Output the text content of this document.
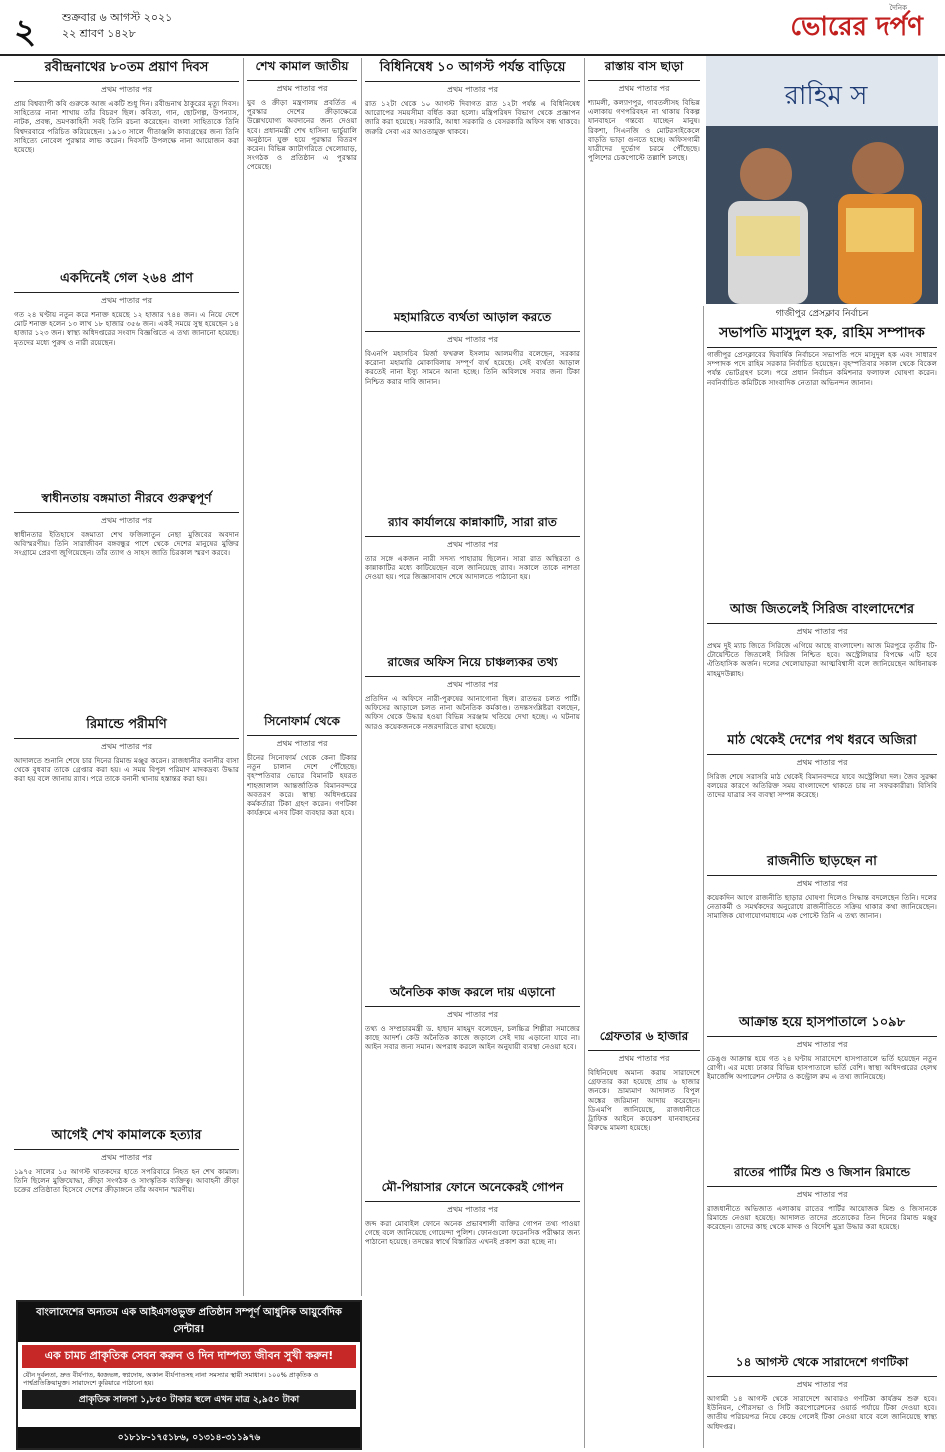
২ শুক্রবার ৬ আগস্ট ২০২১
২২ শ্রাবণ ১৪২৮
দৈনিক
ভোরের দর্পণ
রবীন্দ্রনাথের ৮০তম প্রয়াণ দিবস
প্রথম পাতার পর
প্রায় বিশ্বব্যাপী কবি গুরুকে আজ একটি শুধু দিন। রবীন্দ্রনাথ ঠাকুরের মৃত্যু দিবস। সাহিত্যের নানা শাখায় তাঁর বিচরণ ছিল। কবিতা, গান, ছোটগল্প, উপন্যাস, নাটক, প্রবন্ধ, ভ্রমণকাহিনী সবই তিনি রচনা করেছেন। বাংলা সাহিত্যকে তিনি বিশ্বদরবারে পরিচিত করিয়েছেন। ১৯১৩ সালে গীতাঞ্জলি কাব্যগ্রন্থের জন্য তিনি সাহিত্যে নোবেল পুরস্কার লাভ করেন। দিবসটি উপলক্ষে নানা আয়োজন করা হয়েছে।
একদিনেই গেল ২৬৪ প্রাণ
প্রথম পাতার পর
গত ২৪ ঘণ্টায় নতুন করে শনাক্ত হয়েছে ১২ হাজার ৭৪৪ জন। এ নিয়ে দেশে মোট শনাক্ত হলেন ১৩ লাখ ১৮ হাজার ৩৫৬ জন। একই সময়ে সুস্থ হয়েছেন ১৪ হাজার ১২৩ জন। স্বাস্থ্য অধিদপ্তরের সংবাদ বিজ্ঞপ্তিতে এ তথ্য জানানো হয়েছে। মৃতদের মধ্যে পুরুষ ও নারী রয়েছেন।
স্বাধীনতায় বঙ্গমাতা নীরবে গুরুত্বপূর্ণ
প্রথম পাতার পর
স্বাধীনতার ইতিহাসে বঙ্গমাতা শেখ ফজিলাতুন নেছা মুজিবের অবদান অবিস্মরণীয়। তিনি সারাজীবন বঙ্গবন্ধুর পাশে থেকে দেশের মানুষের মুক্তির সংগ্রামে প্রেরণা জুগিয়েছেন। তাঁর ত্যাগ ও সাহস জাতি চিরকাল স্মরণ করবে।
রিমান্ডে পরীমণি
প্রথম পাতার পর
আদালতে শুনানি শেষে চার দিনের রিমান্ড মঞ্জুর করেন। রাজধানীর বনানীর বাসা থেকে বুধবার তাকে গ্রেপ্তার করা হয়। এ সময় বিপুল পরিমাণ মাদকদ্রব্য উদ্ধার করা হয় বলে জানায় র‍্যাব। পরে তাকে বনানী থানায় হস্তান্তর করা হয়।
আগেই শেখ কামালকে হত্যার
প্রথম পাতার পর
১৯৭৫ সালের ১৫ আগস্ট ঘাতকদের হাতে সপরিবারে নিহত হন শেখ কামাল। তিনি ছিলেন মুক্তিযোদ্ধা, ক্রীড়া সংগঠক ও সাংস্কৃতিক ব্যক্তিত্ব। আবাহনী ক্রীড়া চক্রের প্রতিষ্ঠাতা হিসেবে দেশের ক্রীড়াঙ্গনে তাঁর অবদান স্মরণীয়।
শেখ কামাল জাতীয়
প্রথম পাতার পর
যুব ও ক্রীড়া মন্ত্রণালয় প্রবর্তিত এ পুরস্কার দেশের ক্রীড়াক্ষেত্রে উল্লেখযোগ্য অবদানের জন্য দেওয়া হবে। প্রধানমন্ত্রী শেখ হাসিনা ভার্চুয়ালি অনুষ্ঠানে যুক্ত হয়ে পুরস্কার বিতরণ করেন। বিভিন্ন ক্যাটাগরিতে খেলোয়াড়, সংগঠক ও প্রতিষ্ঠান এ পুরস্কার পেয়েছে।
সিনোফার্ম থেকে
প্রথম পাতার পর
চীনের সিনোফার্ম থেকে কেনা টিকার নতুন চালান দেশে পৌঁছেছে। বৃহস্পতিবার ভোরে বিমানটি হযরত শাহজালাল আন্তর্জাতিক বিমানবন্দরে অবতরণ করে। স্বাস্থ্য অধিদপ্তরের কর্মকর্তারা টিকা গ্রহণ করেন। গণটিকা কার্যক্রমে এসব টিকা ব্যবহার করা হবে।
বিধিনিষেধ ১০ আগস্ট পর্যন্ত বাড়িয়ে
প্রথম পাতার পর
রাত ১২টা থেকে ১০ আগস্ট দিবাগত রাত ১২টা পর্যন্ত এ বিধিনিষেধ আরোপের সময়সীমা বর্ধিত করা হলো। মন্ত্রিপরিষদ বিভাগ থেকে প্রজ্ঞাপন জারি করা হয়েছে। সরকারি, আধা সরকারি ও বেসরকারি অফিস বন্ধ থাকবে। জরুরি সেবা এর আওতামুক্ত থাকবে।
মহামারিতে ব্যর্থতা আড়াল করতে
প্রথম পাতার পর
বিএনপি মহাসচিব মির্জা ফখরুল ইসলাম আলমগীর বলেছেন, সরকার করোনা মহামারি মোকাবিলায় সম্পূর্ণ ব্যর্থ হয়েছে। সেই ব্যর্থতা আড়াল করতেই নানা ইস্যু সামনে আনা হচ্ছে। তিনি অবিলম্বে সবার জন্য টিকা নিশ্চিত করার দাবি জানান।
র‌্যাব কার্যালয়ে কান্নাকাটি, সারা রাত
প্রথম পাতার পর
তার সঙ্গে একজন নারী সদস্য পাহারায় ছিলেন। সারা রাত অস্থিরতা ও কান্নাকাটির মধ্যে কাটিয়েছেন বলে জানিয়েছে র‍্যাব। সকালে তাকে নাশতা দেওয়া হয়। পরে জিজ্ঞাসাবাদ শেষে আদালতে পাঠানো হয়।
রাজের অফিস নিয়ে চাঞ্চল্যকর তথ্য
প্রথম পাতার পর
প্রতিদিন এ অফিসে নারী-পুরুষের আনাগোনা ছিল। রাতভর চলত পার্টি। অফিসের আড়ালে চলত নানা অনৈতিক কর্মকাণ্ড। তদন্তসংশ্লিষ্টরা বলছেন, অফিস থেকে উদ্ধার হওয়া বিভিন্ন সরঞ্জাম খতিয়ে দেখা হচ্ছে। এ ঘটনায় আরও কয়েকজনকে নজরদারিতে রাখা হয়েছে।
অনৈতিক কাজ করলে দায় এড়ানো
প্রথম পাতার পর
তথ্য ও সম্প্রচারমন্ত্রী ড. হাছান মাহমুদ বলেছেন, চলচ্চিত্র শিল্পীরা সমাজের কাছে আদর্শ। কেউ অনৈতিক কাজে জড়ালে সেই দায় এড়ানো যাবে না। আইন সবার জন্য সমান। অপরাধ করলে আইন অনুযায়ী ব্যবস্থা নেওয়া হবে।
মৌ-পিয়াসার ফোনে অনেকেরই গোপন
প্রথম পাতার পর
জব্দ করা মোবাইল ফোনে অনেক প্রভাবশালী ব্যক্তির গোপন তথ্য পাওয়া গেছে বলে জানিয়েছে গোয়েন্দা পুলিশ। ফোনগুলো ফরেনসিক পরীক্ষার জন্য পাঠানো হয়েছে। তদন্তের স্বার্থে বিস্তারিত এখনই প্রকাশ করা হচ্ছে না।
রাস্তায় বাস ছাড়া
প্রথম পাতার পর
শ্যামলী, কল্যাণপুর, গাবতলীসহ বিভিন্ন এলাকায় গণপরিবহন না থাকায় বিকল্প যানবাহনে গন্তব্যে যাচ্ছেন মানুষ। রিকশা, সিএনজি ও মোটরসাইকেলে বাড়তি ভাড়া গুনতে হচ্ছে। অফিসগামী যাত্রীদের দুর্ভোগ চরমে পৌঁছেছে। পুলিশের চেকপোস্টে তল্লাশি চলছে।
গ্রেফতার ৬ হাজার
প্রথম পাতার পর
বিধিনিষেধ অমান্য করায় সারাদেশে গ্রেফতার করা হয়েছে প্রায় ৬ হাজার জনকে। ভ্রাম্যমাণ আদালত বিপুল অঙ্কের জরিমানা আদায় করেছেন। ডিএমপি জানিয়েছে, রাজধানীতে ট্রাফিক আইনে কয়েকশ যানবাহনের বিরুদ্ধে মামলা হয়েছে।
রাহিম স
গাজীপুর প্রেসক্লাব নির্বাচন
সভাপতি মাসুদুল হক, রাহিম সম্পাদক
গাজীপুর প্রেসক্লাবের দ্বিবার্ষিক নির্বাচনে সভাপতি পদে মাসুদুল হক এবং সাধারণ সম্পাদক পদে রাহিম সরকার নির্বাচিত হয়েছেন। বৃহস্পতিবার সকাল থেকে বিকেল পর্যন্ত ভোটগ্রহণ চলে। পরে প্রধান নির্বাচন কমিশনার ফলাফল ঘোষণা করেন। নবনির্বাচিত কমিটিকে সাংবাদিক নেতারা অভিনন্দন জানান।
আজ জিতলেই সিরিজ বাংলাদেশের
প্রথম পাতার পর
প্রথম দুই ম্যাচ জিতে সিরিজে এগিয়ে আছে বাংলাদেশ। আজ মিরপুরে তৃতীয় টি-টোয়েন্টিতে জিতলেই সিরিজ নিশ্চিত হবে। অস্ট্রেলিয়ার বিপক্ষে এটি হবে ঐতিহাসিক অর্জন। দলের খেলোয়াড়রা আত্মবিশ্বাসী বলে জানিয়েছেন অধিনায়ক মাহমুদউল্লাহ।
মাঠ থেকেই দেশের পথ ধরবে অজিরা
প্রথম পাতার পর
সিরিজ শেষে সরাসরি মাঠ থেকেই বিমানবন্দরে যাবে অস্ট্রেলিয়া দল। জৈব সুরক্ষা বলয়ের কারণে অতিরিক্ত সময় বাংলাদেশে থাকতে চায় না সফরকারীরা। বিসিবি তাদের যাত্রার সব ব্যবস্থা সম্পন্ন করেছে।
রাজনীতি ছাড়ছেন না
প্রথম পাতার পর
কয়েকদিন আগে রাজনীতি ছাড়ার ঘোষণা দিলেও সিদ্ধান্ত বদলেছেন তিনি। দলের নেতাকর্মী ও সমর্থকদের অনুরোধে রাজনীতিতে সক্রিয় থাকার কথা জানিয়েছেন। সামাজিক যোগাযোগমাধ্যমে এক পোস্টে তিনি এ তথ্য জানান।
আক্রান্ত হয়ে হাসপাতালে ১০৯৮
প্রথম পাতার পর
ডেঙ্গু আক্রান্ত হয়ে গত ২৪ ঘণ্টায় সারাদেশে হাসপাতালে ভর্তি হয়েছেন নতুন রোগী। এর মধ্যে ঢাকার বিভিন্ন হাসপাতালে ভর্তি বেশি। স্বাস্থ্য অধিদপ্তরের হেলথ ইমার্জেন্সি অপারেশন সেন্টার ও কন্ট্রোল রুম এ তথ্য জানিয়েছে।
রাতের পার্টির মিশু ও জিসান রিমান্ডে
প্রথম পাতার পর
রাজধানীতে অভিজাত এলাকায় রাতের পার্টির আয়োজক মিশু ও জিসানকে রিমান্ডে নেওয়া হয়েছে। আদালত তাদের প্রত্যেকের তিন দিনের রিমান্ড মঞ্জুর করেছেন। তাদের কাছ থেকে মাদক ও বিদেশি মুদ্রা উদ্ধার করা হয়েছে।
১৪ আগস্ট থেকে সারাদেশে গণটিকা
প্রথম পাতার পর
আগামী ১৪ আগস্ট থেকে সারাদেশে আবারও গণটিকা কার্যক্রম শুরু হবে। ইউনিয়ন, পৌরসভা ও সিটি করপোরেশনের ওয়ার্ড পর্যায়ে টিকা দেওয়া হবে। জাতীয় পরিচয়পত্র নিয়ে কেন্দ্রে গেলেই টিকা নেওয়া যাবে বলে জানিয়েছে স্বাস্থ্য অধিদপ্তর।
বাংলাদেশের অন্যতম এক আইএসওভুক্ত প্রতিষ্ঠান সম্পূর্ণ আধুনিক আয়ুর্বেদিক সেন্টার!
এক চামচ প্রাকৃতিক সেবন করুন ও দিন দাম্পত্য জীবন সুখী করুন!
যৌন দুর্বলতা, দ্রুত বীর্যপাত, ধ্বজভঙ্গ, স্বপ্নদোষ, অকাল বীর্যপাতসহ নানা সমস্যার স্থায়ী সমাধান। ১০০% প্রাকৃতিক ও পার্শ্বপ্রতিক্রিয়ামুক্ত। সারাদেশে কুরিয়ারে পাঠানো হয়।
প্রাকৃতিক সালসা ১,৮৫০ টাকার স্থলে এখন মাত্র ২,৯৫০ টাকা
০১৮১৮-১৭৫১৮৬, ০১৩১৪-৩১১৯৭৬
